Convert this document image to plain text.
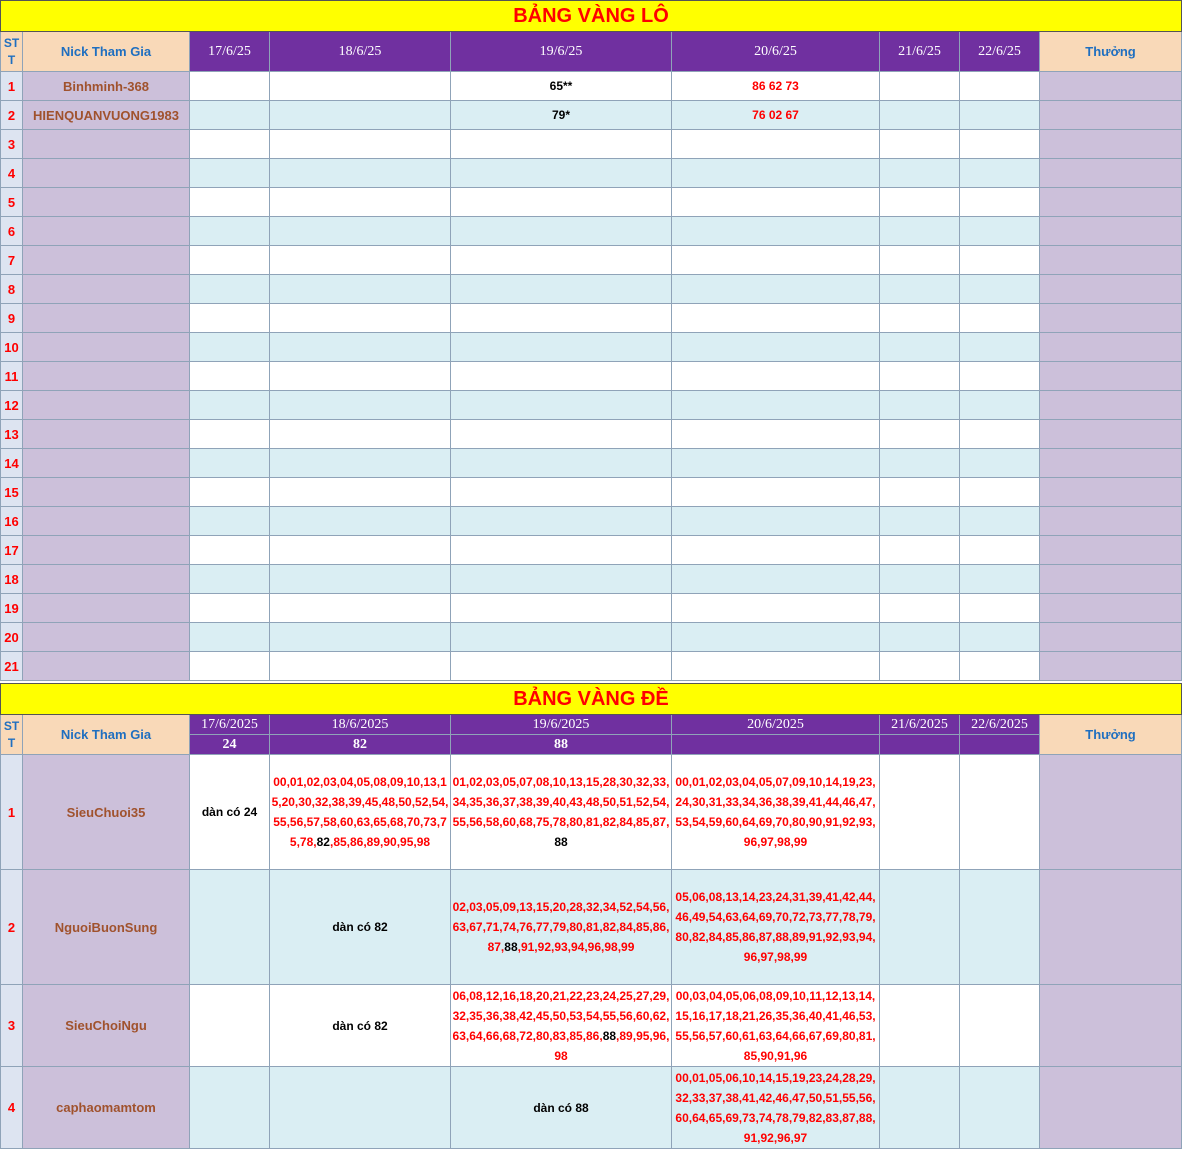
BẢNG VÀNG LÔ								
ST T	Nick Tham Gia	17/6/25	18/6/25	19/6/25	20/6/25	21/6/25	22/6/25	Thưởng
1	Binhminh-368			65**	86 62 73			
2	HIENQUANVUONG1983			79*	76 02 67			
3								
4								
5								
6								
7								
8								
9								
10								
11								
12								
13								
14								
15								
16								
17								
18								
19								
20								
21								
BẢNG VÀNG ĐỀ								
ST T	Nick Tham Gia	17/6/2025	18/6/2025	19/6/2025	20/6/2025	21/6/2025	22/6/2025	Thưởng
		24	82	88				
1	SieuChuoi35	dàn có 24	00,01,02,03,04,05,08,09,10,13,15,20,30,32,38,39,45,48,50,52,54,55,56,57,58,60,63,65,68,70,73,75,78,82,85,86,89,90,95,98	01,02,03,05,07,08,10,13,15,28,30,32,33,34,35,36,37,38,39,40,43,48,50,51,52,54,55,56,58,60,68,75,78,80,81,82,84,85,87,88	00,01,02,03,04,05,07,09,10,14,19,23,24,30,31,33,34,36,38,39,41,44,46,47,53,54,59,60,64,69,70,80,90,91,92,93,96,97,98,99			
2	NguoiBuonSung		dàn có 82	02,03,05,09,13,15,20,28,32,34,52,54,56,63,67,71,74,76,77,79,80,81,82,84,85,86,87,88,91,92,93,94,96,98,99	05,06,08,13,14,23,24,31,39,41,42,44,46,49,54,63,64,69,70,72,73,77,78,79,80,82,84,85,86,87,88,89,91,92,93,94,96,97,98,99			
3	SieuChoiNgu		dàn có 82	06,08,12,16,18,20,21,22,23,24,25,27,29,32,35,36,38,42,45,50,53,54,55,56,60,62,63,64,66,68,72,80,83,85,86,88,89,95,96,98	00,03,04,05,06,08,09,10,11,12,13,14,15,16,17,18,21,26,35,36,40,41,46,53,55,56,57,60,61,63,64,66,67,69,80,81,85,90,91,96			
4	caphaomamtom			dàn có 88	00,01,05,06,10,14,15,19,23,24,28,29,32,33,37,38,41,42,46,47,50,51,55,56,60,64,65,69,73,74,78,79,82,83,87,88,91,92,96,97			
